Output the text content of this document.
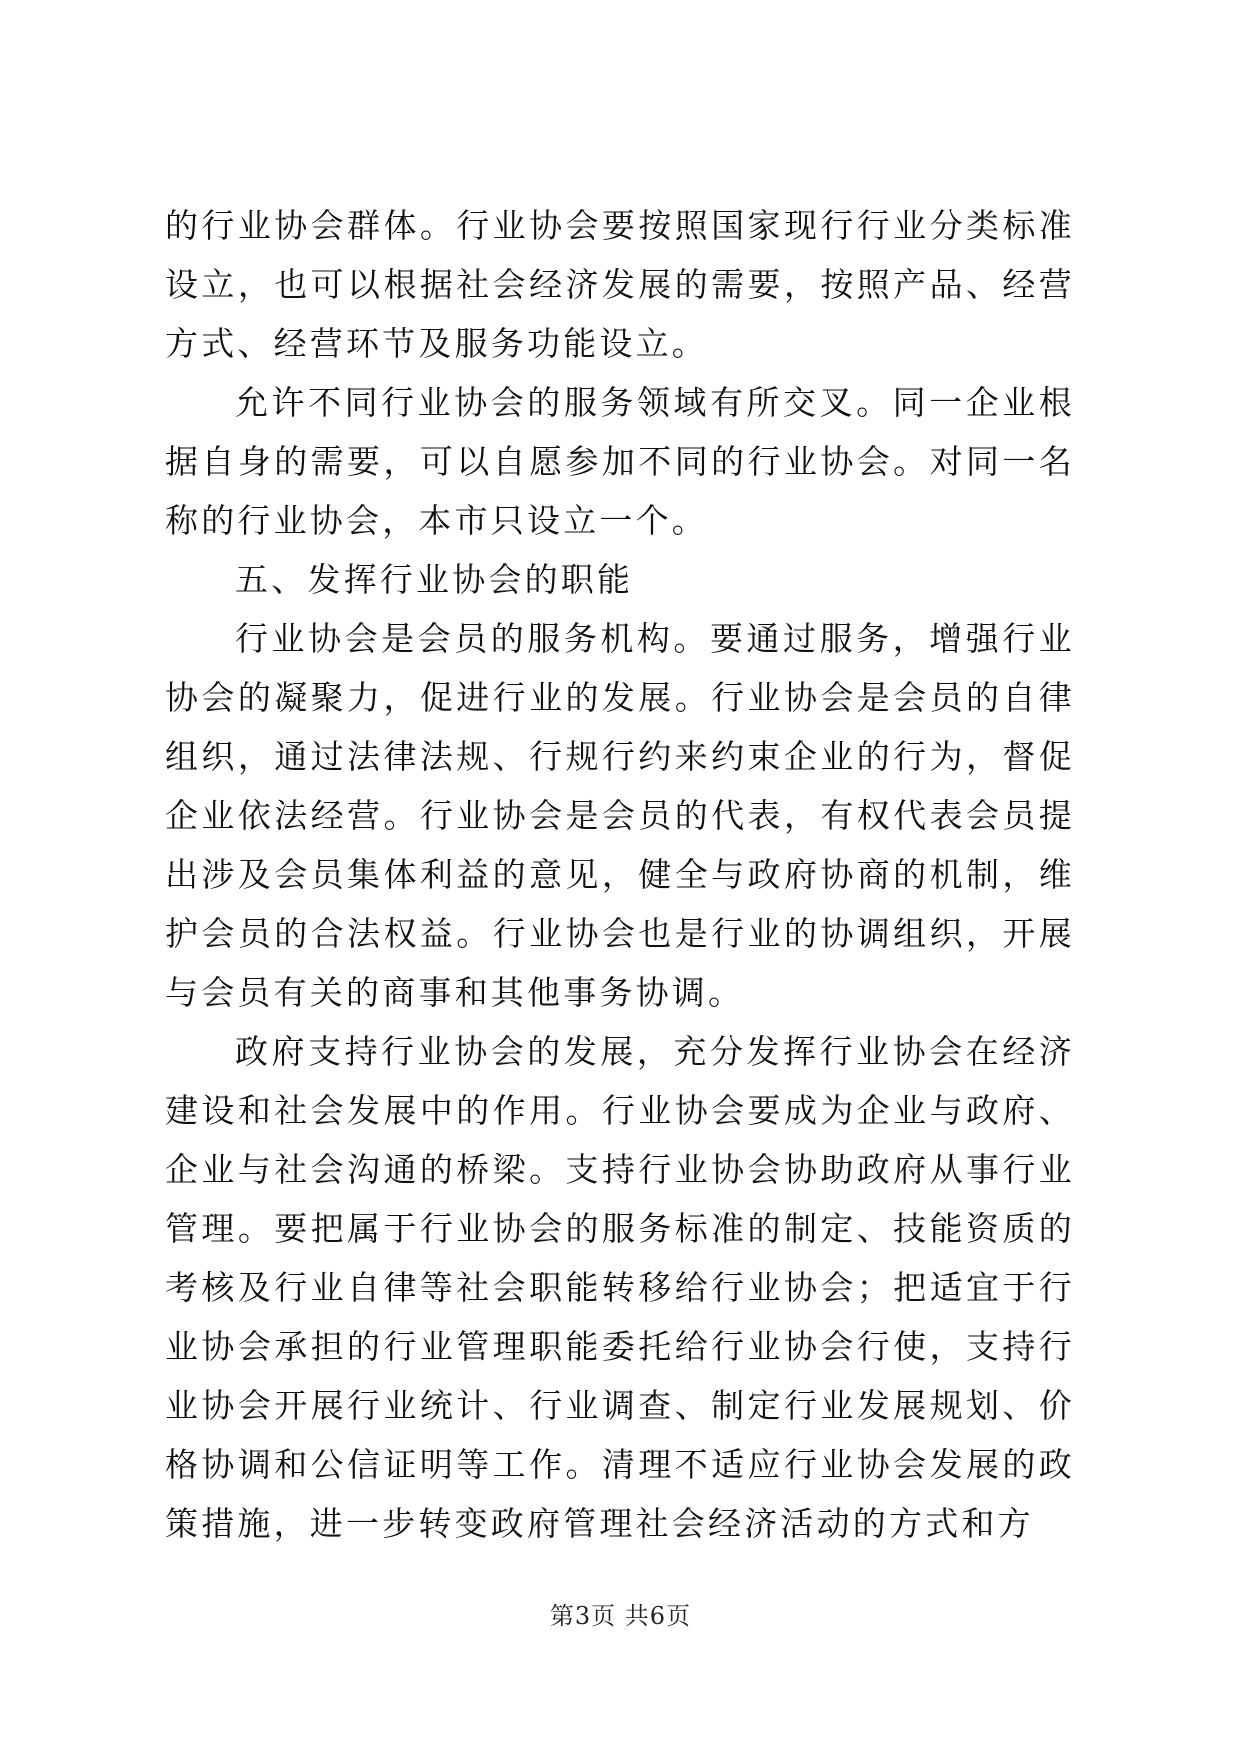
的行业协会群体。行业协会要按照国家现行行业分类标准设立，也可以根据社会经济发展的需要，按照产品、经营方式、经营环节及服务功能设立。

允许不同行业协会的服务领域有所交叉。同一企业根据自身的需要，可以自愿参加不同的行业协会。对同一名称的行业协会，本市只设立一个。

五、发挥行业协会的职能

行业协会是会员的服务机构。要通过服务，增强行业协会的凝聚力，促进行业的发展。行业协会是会员的自律组织，通过法律法规、行规行约来约束企业的行为，督促企业依法经营。行业协会是会员的代表，有权代表会员提出涉及会员集体利益的意见，健全与政府协商的机制，维护会员的合法权益。行业协会也是行业的协调组织，开展与会员有关的商事和其他事务协调。

政府支持行业协会的发展，充分发挥行业协会在经济建设和社会发展中的作用。行业协会要成为企业与政府、企业与社会沟通的桥梁。支持行业协会协助政府从事行业管理。要把属于行业协会的服务标准的制定、技能资质的考核及行业自律等社会职能转移给行业协会；把适宜于行业协会承担的行业管理职能委托给行业协会行使，支持行业协会开展行业统计、行业调查、制定行业发展规划、价格协调和公信证明等工作。清理不适应行业协会发展的政策措施，进一步转变政府管理社会经济活动的方式和方

第3页 共6页
